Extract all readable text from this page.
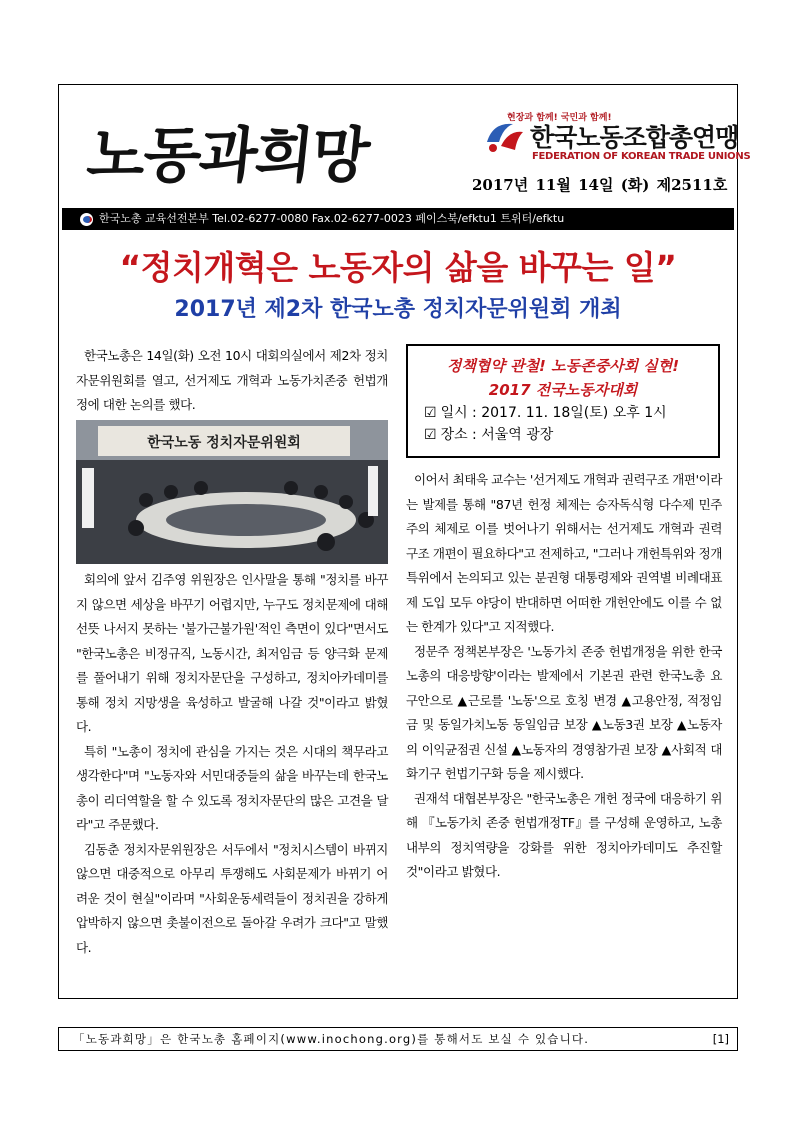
노동과희망
현장과 함께! 국민과 함께!
한국노동조합총연맹
FEDERATION OF KOREAN TRADE UNIONS
2017년 11월 14일 (화) 제2511호
한국노총 교육선전본부 Tel.02-6277-0080 Fax.02-6277-0023 페이스북/efktu1 트위터/efktu
“정치개혁은 노동자의 삶을 바꾸는 일”
2017년 제2차 한국노총 정치자문위원회 개최

한국노총은 14일(화) 오전 10시 대회의실에서 제2차 정치자문위원회를 열고, 선거제도 개혁과 노동가치존중 헌법개정에 대한 논의를 했다.

한국노동 정치자문위원회

회의에 앞서 김주영 위원장은 인사말을 통해 "정치를 바꾸지 않으면 세상을 바꾸기 어렵지만, 누구도 정치문제에 대해 선뜻 나서지 못하는 '불가근불가원'적인 측면이 있다"면서도 "한국노총은 비정규직, 노동시간, 최저임금 등 양극화 문제를 풀어내기 위해 정치자문단을 구성하고, 정치아카데미를 통해 정치 지망생을 육성하고 발굴해 나갈 것"이라고 밝혔다.

특히 "노총이 정치에 관심을 가지는 것은 시대의 책무라고 생각한다"며 "노동자와 서민대중들의 삶을 바꾸는데 한국노총이 리더역할을 할 수 있도록 정치자문단의 많은 고견을 달라"고 주문했다.

김동춘 정치자문위원장은 서두에서 "정치시스템이 바뀌지 않으면 대중적으로 아무리 투쟁해도 사회문제가 바뀌기 어려운 것이 현실"이라며 "사회운동세력들이 정치권을 강하게 압박하지 않으면 촛불이전으로 돌아갈 우려가 크다"고 말했다.

정책협약 관철! 노동존중사회 실현!
2017 전국노동자대회
☑ 일시 : 2017. 11. 18일(토) 오후 1시
☑ 장소 : 서울역 광장

이어서 최태욱 교수는 '선거제도 개혁과 권력구조 개편'이라는 발제를 통해 "87년 헌정 체제는 승자독식형 다수제 민주주의 체제로 이를 벗어나기 위해서는 선거제도 개혁과 권력구조 개편이 필요하다"고 전제하고, "그러나 개헌특위와 정개특위에서 논의되고 있는 분권형 대통령제와 권역별 비례대표제 도입 모두 야당이 반대하면 어떠한 개헌안에도 이를 수 없는 한계가 있다"고 지적했다.

정문주 정책본부장은 '노동가치 존중 헌법개정을 위한 한국노총의 대응방향'이라는 발제에서 기본권 관련 한국노총 요구안으로 ▲근로를 '노동'으로 호칭 변경 ▲고용안정, 적정임금 및 동일가치노동 동일임금 보장 ▲노동3권 보장 ▲노동자의 이익균점권 신설 ▲노동자의 경영참가권 보장 ▲사회적 대화기구 헌법기구화 등을 제시했다.

권재석 대협본부장은 "한국노총은 개헌 정국에 대응하기 위해 『노동가치 존중 헌법개정TF』를 구성해 운영하고, 노총 내부의 정치역량을 강화를 위한 정치아카데미도 추진할 것"이라고 밝혔다.

「노동과희망」은 한국노총 홈페이지(www.inochong.org)를 통해서도 보실 수 있습니다.	[1]
